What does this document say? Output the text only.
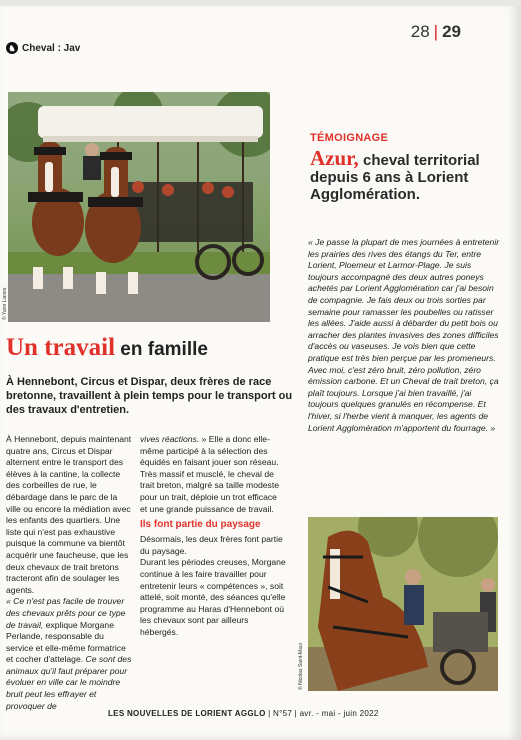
28 | 29
♞ Cheval : Jav
© Yann Lianes
TÉMOIGNAGE
Azur, cheval territorial depuis 6 ans à Lorient Agglomération.
« Je passe la plupart de mes journées à entretenir les prairies des rives des étangs du Ter, entre Lorient, Ploemeur et Larmor-Plage. Je suis toujours accompagné des deux autres poneys achetés par Lorient Agglomération car j'ai besoin de compagnie. Je fais deux ou trois sorties par semaine pour ramasser les poubelles ou ratisser les allées. J'aide aussi à débarder du petit bois ou arracher des plantes invasives des zones difficiles d'accès ou vaseuses. Je vois bien que cette pratique est très bien perçue par les promeneurs. Avec moi, c'est zéro bruit, zéro pollution, zéro émission carbone. Et un Cheval de trait breton, ça plaît toujours. Lorsque j'ai bien travaillé, j'ai toujours quelques granulés en récompense. Et l'hiver, si l'herbe vient à manquer, les agents de Lorient Agglomération m'apportent du fourrage. »
Un travail en famille
À Hennebont, Circus et Dispar, deux frères de race bretonne, travaillent à plein temps pour le transport ou des travaux d'entretien.

À Hennebont, depuis maintenant quatre ans, Circus et Dispar alternent entre le transport des élèves à la cantine, la collecte des corbeilles de rue, le débardage dans le parc de la ville ou encore la médiation avec les enfants des quartiers. Une liste qui n'est pas exhaustive puisque la commune va bientôt acquérir une faucheuse, que les deux chevaux de trait bretons tracteront afin de soulager les agents.

« Ce n'est pas facile de trouver des chevaux prêts pour ce type de travail, explique Morgane Perlande, responsable du service et elle-même formatrice et cocher d'attelage. Ce sont des animaux qu'il faut préparer pour évoluer en ville car le moindre bruit peut les effrayer et provoquer de

vives réactions. » Elle a donc elle-même participé à la sélection des équidés en faisant jouer son réseau. Très massif et musclé, le cheval de trait breton, malgré sa taille modeste pour un trait, déploie un trot efficace et une grande puissance de travail.

Ils font partie du paysage

Désormais, les deux frères font partie du paysage.

Durant les périodes creuses, Morgane continue à les faire travailler pour entretenir leurs « compétences », soit attelé, soit monté, des séances qu'elle programme au Haras d'Hennebont où les chevaux sont par ailleurs hébergés.

© Nicolas Saint-Maur
LES NOUVELLES DE LORIENT AGGLO | N°57 | avr. - mai - juin 2022
